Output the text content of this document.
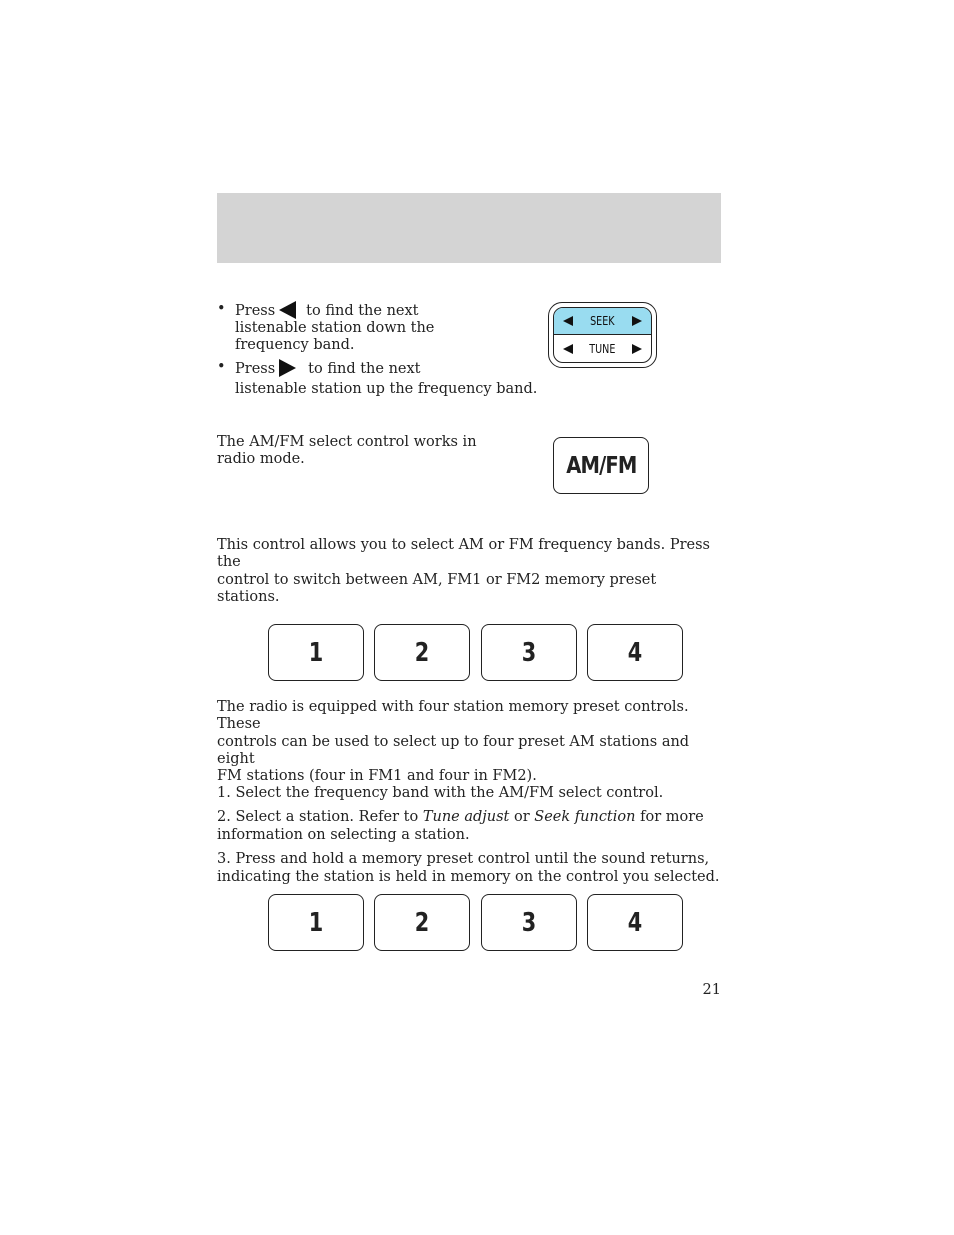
• Press to find the next
listenable station down the
frequency band.
• Press to find the next
listenable station up the frequency band.
SEEK
TUNE
The AM/FM select control works in
radio mode.	AM/FM
This control allows you to select AM or FM frequency bands. Press the
control to switch between AM, FM1 or FM2 memory preset stations.
1	2	3	4
The radio is equipped with four station memory preset controls. These
controls can be used to select up to four preset AM stations and eight
FM stations (four in FM1 and four in FM2).
1. Select the frequency band with the AM/FM select control.
2. Select a station. Refer to Tune adjust or Seek function for more
information on selecting a station.
3. Press and hold a memory preset control until the sound returns,
indicating the station is held in memory on the control you selected.
1	2	3	4
21
